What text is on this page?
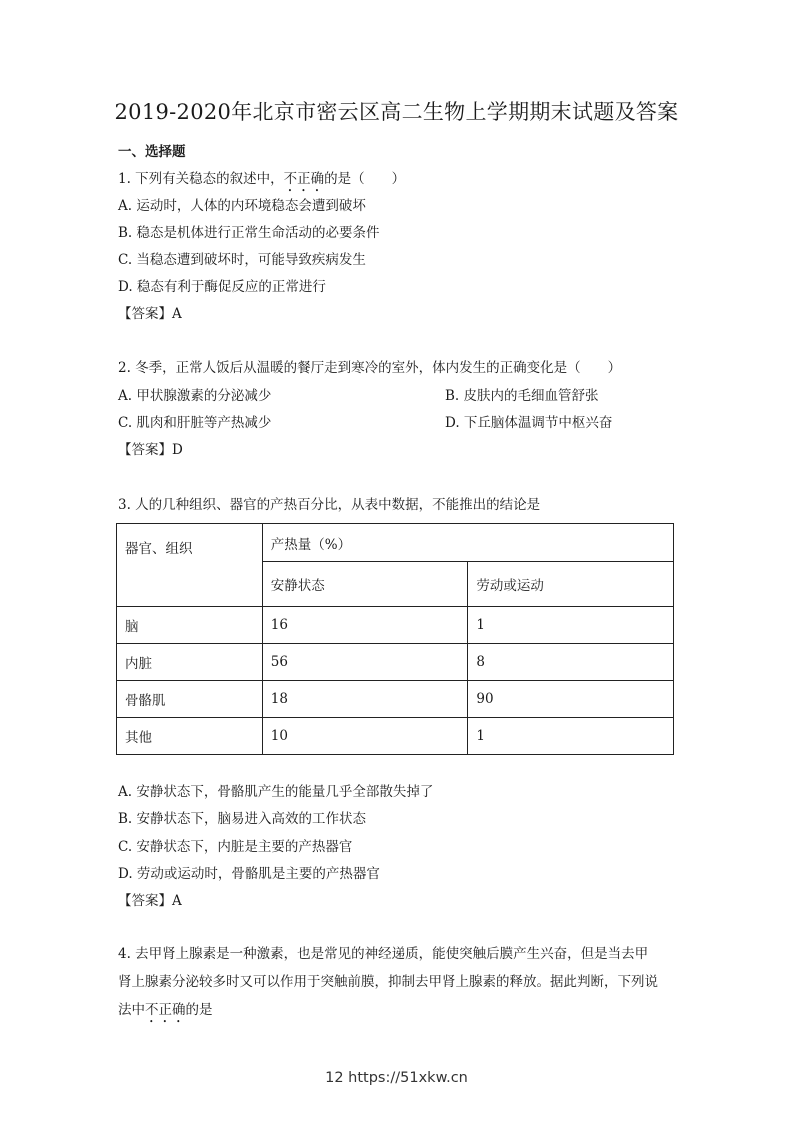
2019-2020年北京市密云区高二生物上学期期末试题及答案
一、选择题
1. 下列有关稳态的叙述中，不正确的是（　　）
A. 运动时，人体的内环境稳态会遭到破坏
B. 稳态是机体进行正常生命活动的必要条件
C. 当稳态遭到破坏时，可能导致疾病发生
D. 稳态有利于酶促反应的正常进行
【答案】A
2. 冬季，正常人饭后从温暖的餐厅走到寒冷的室外，体内发生的正确变化是（　　）
A. 甲状腺激素的分泌减少	B. 皮肤内的毛细血管舒张
C. 肌肉和肝脏等产热减少	D. 下丘脑体温调节中枢兴奋
【答案】D
3. 人的几种组织、器官的产热百分比，从表中数据，不能推出的结论是
器官、组织	产热量（%）	
	安静状态	劳动或运动
脑	16	1
内脏	56	8
骨骼肌	18	90
其他	10	1
A. 安静状态下，骨骼肌产生的能量几乎全部散失掉了
B. 安静状态下，脑易进入高效的工作状态
C. 安静状态下，内脏是主要的产热器官
D. 劳动或运动时，骨骼肌是主要的产热器官
【答案】A
4. 去甲肾上腺素是一种激素，也是常见的神经递质，能使突触后膜产生兴奋，但是当去甲
肾上腺素分泌较多时又可以作用于突触前膜，抑制去甲肾上腺素的释放。据此判断，下列说
法中不正确的是
12 https://51xkw.cn
